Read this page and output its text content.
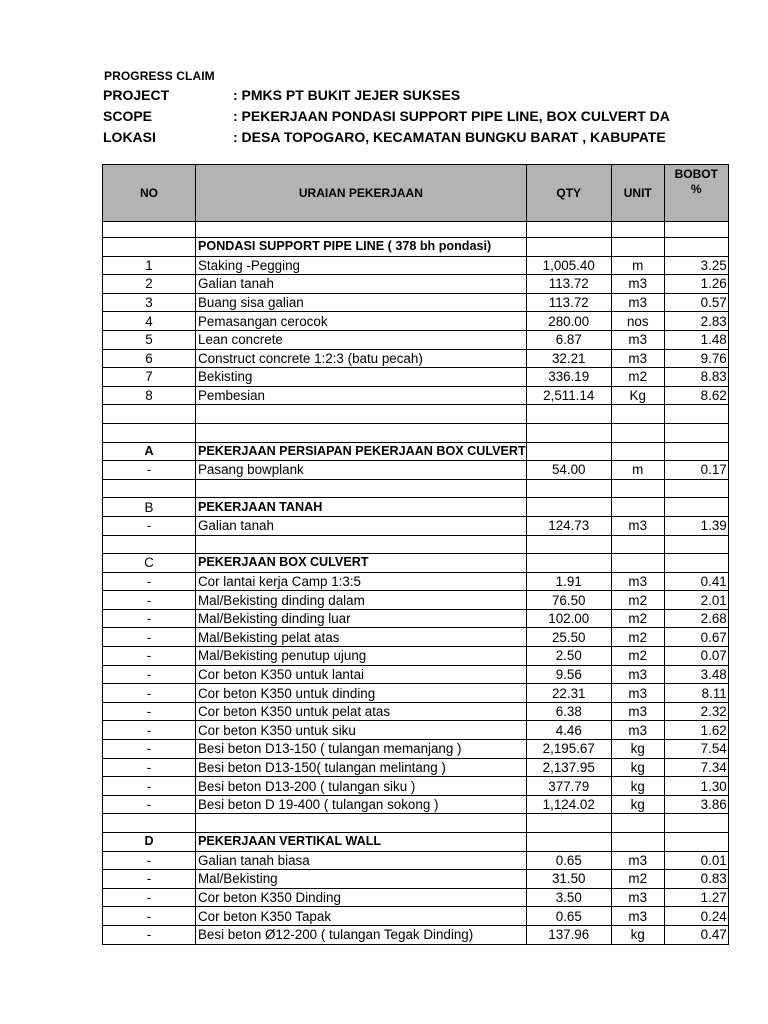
PROGRESS CLAIM
PROJECT	: PMKS PT BUKIT JEJER SUKSES
SCOPE	: PEKERJAAN PONDASI SUPPORT PIPE LINE, BOX CULVERT DA
LOKASI	: DESA TOPOGARO, KECAMATAN BUNGKU BARAT , KABUPATE
NO	URAIAN PEKERJAAN	QTY	UNIT	BOBOT
%

	PONDASI SUPPORT PIPE LINE ( 378 bh pondasi)			
1	Staking -Pegging	1,005.40	m	3.25
2	Galian tanah	113.72	m3	1.26
3	Buang sisa galian	113.72	m3	0.57
4	Pemasangan cerocok	280.00	nos	2.83
5	Lean concrete	6.87	m3	1.48
6	Construct concrete 1:2:3 (batu pecah)	32.21	m3	9.76
7	Bekisting	336.19	m2	8.83
8	Pembesian	2,511.14	Kg	8.62

A	PEKERJAAN PERSIAPAN PEKERJAAN BOX CULVERT			
-	Pasang bowplank	54.00	m	0.17

B	PEKERJAAN TANAH			
-	Galian tanah	124.73	m3	1.39

C	PEKERJAAN BOX CULVERT			
-	Cor lantai kerja Camp 1:3:5	1.91	m3	0.41
-	Mal/Bekisting dinding dalam	76.50	m2	2.01
-	Mal/Bekisting dinding luar	102.00	m2	2.68
-	Mal/Bekisting pelat atas	25.50	m2	0.67
-	Mal/Bekisting penutup ujung	2.50	m2	0.07
-	Cor beton K350 untuk lantai	9.56	m3	3.48
-	Cor beton K350 untuk dinding	22.31	m3	8.11
-	Cor beton K350 untuk pelat atas	6.38	m3	2.32
-	Cor beton K350 untuk siku	4.46	m3	1.62
-	Besi beton D13-150 ( tulangan memanjang )	2,195.67	kg	7.54
-	Besi beton D13-150( tulangan melintang )	2,137.95	kg	7.34
-	Besi beton D13-200 ( tulangan siku )	377.79	kg	1.30
-	Besi beton D 19-400 ( tulangan sokong )	1,124.02	kg	3.86

D	PEKERJAAN VERTIKAL WALL			
-	Galian tanah biasa	0.65	m3	0.01
-	Mal/Bekisting	31.50	m2	0.83
-	Cor beton K350 Dinding	3.50	m3	1.27
-	Cor beton K350 Tapak	0.65	m3	0.24
-	Besi beton Ø12-200 ( tulangan Tegak Dinding)	137.96	kg	0.47
